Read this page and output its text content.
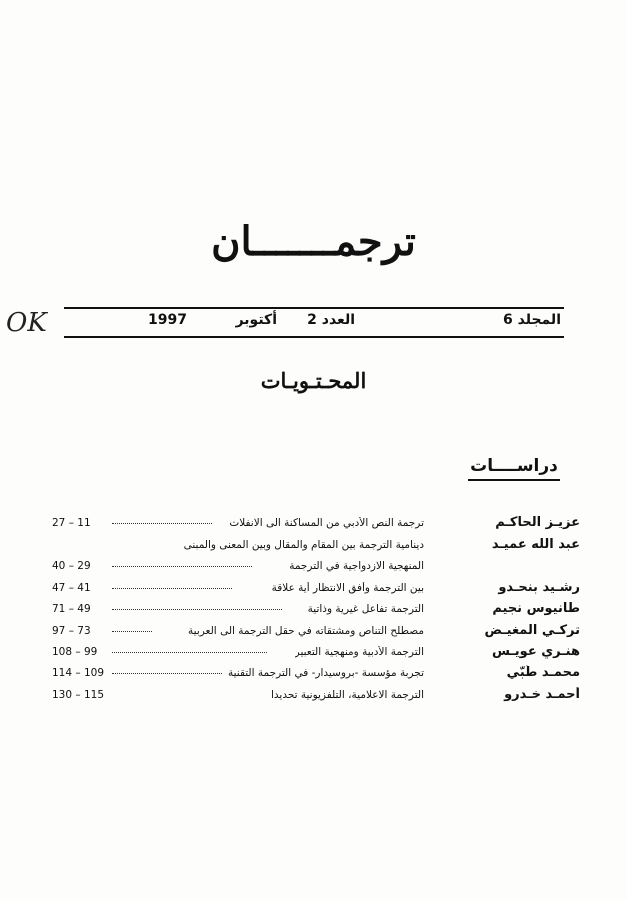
ترجمـــــــان
OK	المجلد 6
العدد 2
أكتوبر
1997
المحـتـويـات
دراســــات
عزيـز الحاكـم
ترجمة النص الأدبي من المساكنة الى الانفلات
27 – 11
عبد الله عميـد
دينامية الترجمة بين المقام والمقال وبين المعنى والمبنى
المنهجية الازدواجية في الترجمة
40 – 29
رشـيد بنحـدو
بين الترجمة وأفق الانتظار أية علاقة
47 – 41
طانيوس نجيم
الترجمة تفاعل غيرية وذاتية
71 – 49
تركـي المغيـض
مصطلح التناص ومشتقاته في حقل الترجمة الى العربية
97 – 73
هنـري عويـس
الترجمة الأدبية ومنهجية التعبير
108 – 99
محمـد طُبّي
تجربة مؤسسة -بروسيدار- في الترجمة التقنية
114 – 109
أحمـد خـدرو
الترجمة الاعلامية، التلفزيونية تحديدا
130 – 115
